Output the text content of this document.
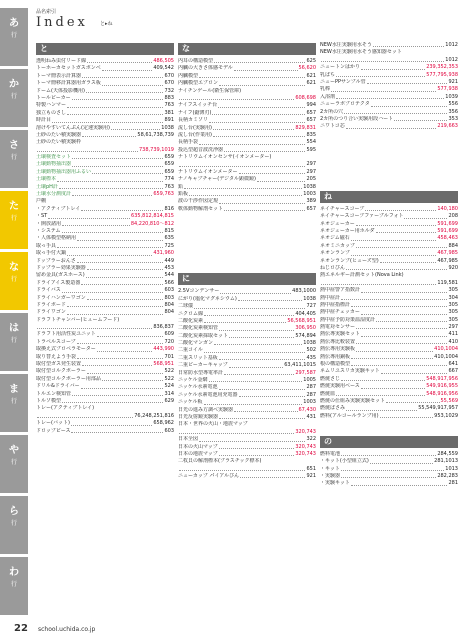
あ
行
か
行
さ
行
た
行
な
行
は
行
ま
行
や
行
ら
行
わ
行
品名索引
Index と▸ね
と
透明ねみ虫付リード線	486,505
トーホーカセットガスボンベ	409,542
トーマ冊表示計算器	670
トーマ冊移計算器用ガラス板	670
ドーム(天体投影機用)	732
トールビーカー	883
特製ハンマー	763
独立ものさし	381
時計目	891
溶けやすいてんぷん(定速実験用)	1038
土砂のたい積実験器	58,61,738,739
土砂のたい積実験枠
738,739,1019
土壌検査セット	659
土壌動物抽出器	659
土壌動物抽出器用ふるい	659
土壌標本	774
土壌pH計	763
土壌水分測度計	659,763
戸棚
・アクティブトレイ	816
・ST	635,812,814,815
・開放諸用	84,220,810〜812
・システム	815
・人体模型格納用	635
取っ手具	725
取っ手付大鍋	431,960
ドップラーおんさ	449
ドップラー効果実験器	453
留め金具(ガスホース)	544
ドライアイス製造器	566
ドライバス	603
ドライハンガーワゴン	803
ドライボード	804
ドライワゴン	804
ドラフトチャンバー(ヒュームフード)
836,837
ドラフト用活性炭ユニット	609
トラペルスコープ	720
取換え式プロペラモーター	443,990
取り替えよう手袋	701
取付型ガス発生装置	568,951
取付型コルクボーラー	522
取付型コルクボーラー用部品	522
ドリル&ドライバー	524
トルエン検知管	314
トルソ模型	629
トレー(アクティブトレイ)
76,248,251,816
トレー(バット)	658,962
ドロップピース	603
な
内耳の構造模型	625
内臓の大きさ体感モデル	56,620
内臓模型	621
内臓模型エプロン	621
ナイチンゲール(衛生保管庫)
608,698
ナイフスイッチ台	994
ナイフ(鋸薄刃)	657
長柄カミソリ	657
流し台(実験用)	829,831
流し台(作業用)	835
長柄手袋	554
投込型超音波洗浄器	595
ナトリウムイオンセンサ(イオンメーター)
297
ナトリウムイオンメーター	297
ナノキャプチャー(デジタル顕微鏡)	205
鉛	1038
鉛板	1003
波の干渉作図定規	389
軟体動物解剖セット	657
に
2.5Vコンデンサー	483,1000
にがり(塩化マグネシウム)	1038
二球儀	727
ニクロム線	404,405
二酸化炭素	56,568,951
二酸化炭素検知管	306,950
二酸化炭素採取セット	574,894
二酸化マンガン	1038
二重コイル	502
二重スリット基板	435
二重ビーカーキャップ	63,411,1015
日常防水型導電率計	297,587
ニッケル金網	1005
ニッケル水素電池	287
ニッケル水素電池用充電器	287
ニッケル板	1003
日光の進み方調べ実験器	67,430
日光反射鏡実験器	431
日本・世界の火山・地震マップ
320,743
日本全図	322
日本の火山マップ	320,743
日本の地震マップ	320,743
二枚貝の解剖標本(プラスチック標本)
651
ニューカップ パイアルびん	921
NEW水圧実験用水そう	1012
NEW水圧実験用水そう感知器セット
1012
ニュートンはかり	239,352,353
乳ばち	577,795,938
ニューPPサンプル管	921
乳棒	577,938
入浴剤	1039
ニューラボプロテクタ	556
2カ所の穴	356
2カ所のつり合い実験用段ハート	353
ニワトコ芯	219,663
ね
ネイチャースコープ	140,180
ネイチャースコープファーブルフォト	208
ネオジューカー	591,699
ネオジューカー用ホルダ	591,699
ネオジム磁石	458,463
ネオミニカップ	884
ネオンランプ	467,985
ネオンランプ(ヒューズ型)	467,985
ねじロびん	920
熱エネルギー計測セット(Nova Link)
119,581
熱中症警ア指数計	305
熱中症計	304
熱中症指標計	305
熱中症チェッカー	305
熱中症予防対策温湿度計	305
熱電対センサー	297
熱伝導実験セット	411
熱伝導比較装置	410
熱伝導用実験板	410,1004
熱伝導用銅板	410,1004
根の構造模型	641
ネムリユスリカ実験キット	667
燃焼さじ	548,917,956
燃焼実験用ベース	549,916,955
燃焼皿	548,916,956
燃焼の仕組み実験実験セット	55,569
燃焼ばさみ	55,549,917,957
燃料(アルコールランプ用)	953,1029
の
燃料電池	284,559
・キット(小型組立式)	281,1013
・キット	1013
・実験器	282,283
・実験キット	281
22 school.uchida.co.jp
